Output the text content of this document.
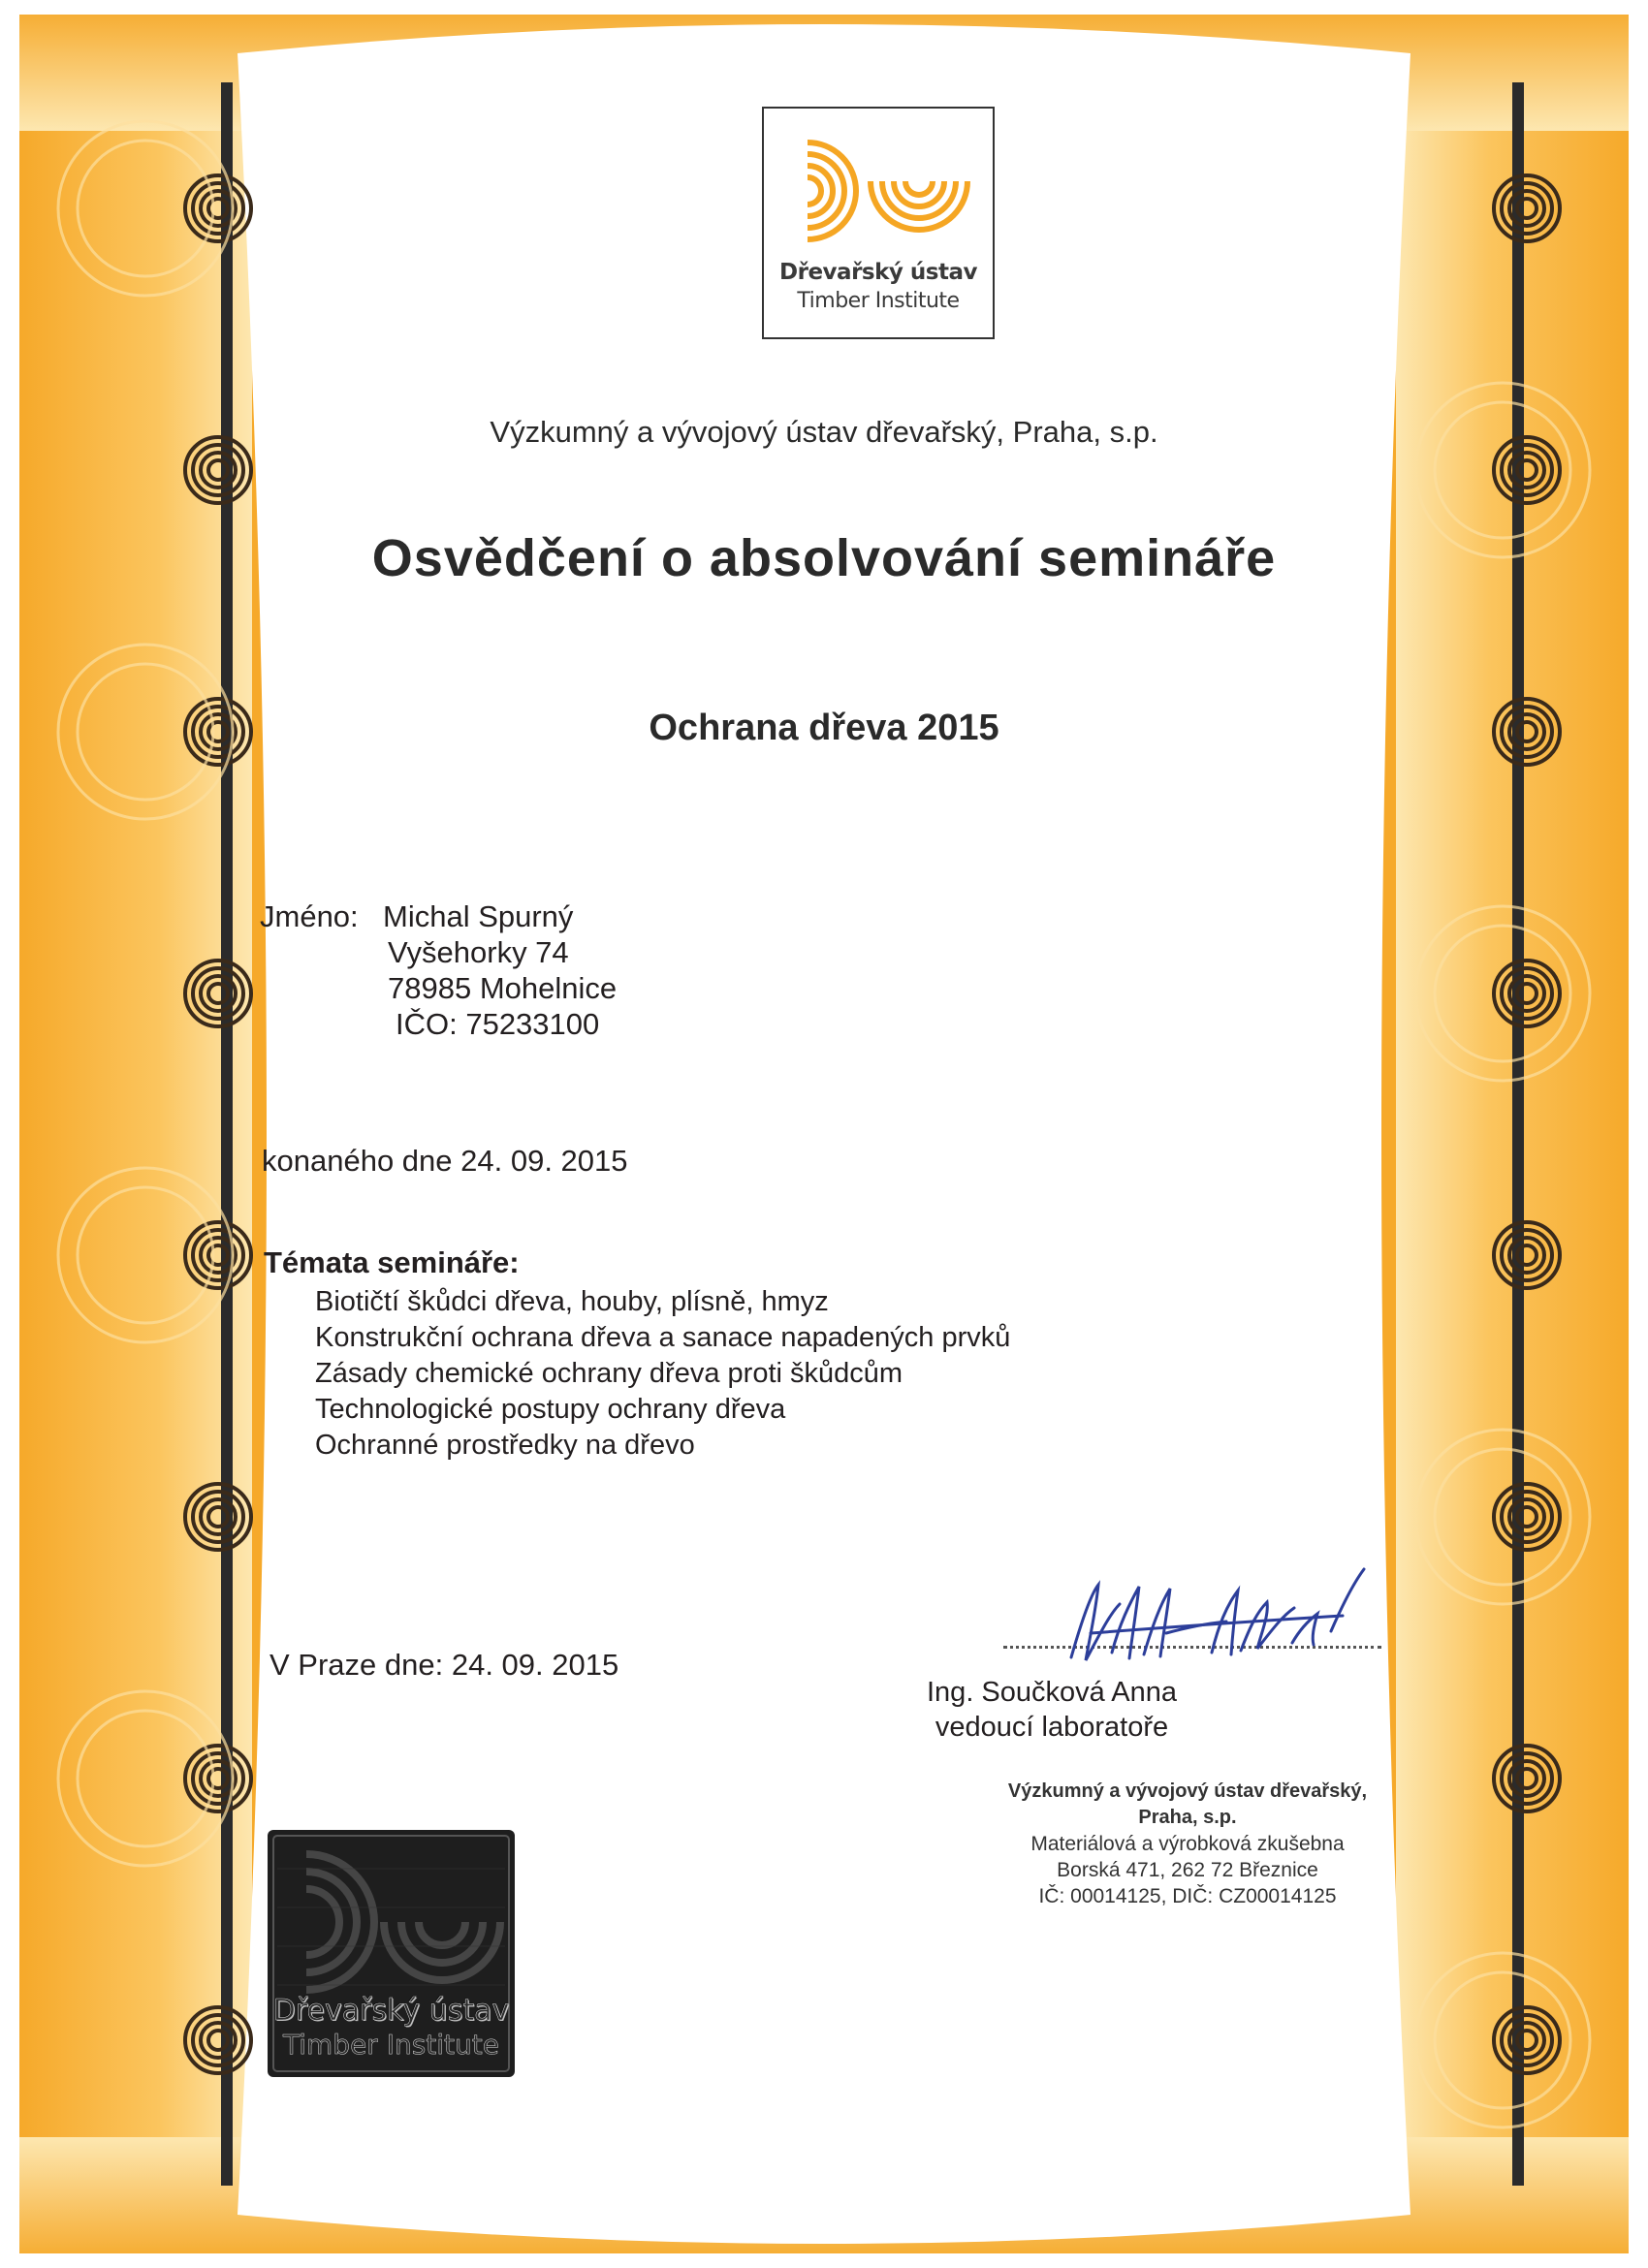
Dřevařský ústav
Timber Institute
Výzkumný a vývojový ústav dřevařský, Praha, s.p.
Osvědčení o absolvování semináře
Ochrana dřeva 2015
Jméno: Michal Spurný
Vyšehorky 74
78985 Mohelnice
IČO: 75233100
konaného dne 24. 09. 2015
Témata semináře:
Biotičtí škůdci dřeva, houby, plísně, hmyz
Konstrukční ochrana dřeva a sanace napadených prvků
Zásady chemické ochrany dřeva proti škůdcům
Technologické postupy ochrany dřeva
Ochranné prostředky na dřevo
V Praze dne: 24. 09. 2015
Ing. Součková Anna
vedoucí laboratoře
Výzkumný a vývojový ústav dřevařský,
Praha, s.p.
Materiálová a výrobková zkušebna
Borská 471, 262 72 Březnice
IČ: 00014125, DIČ: CZ00014125
Dřevařský ústav
Timber Institute
